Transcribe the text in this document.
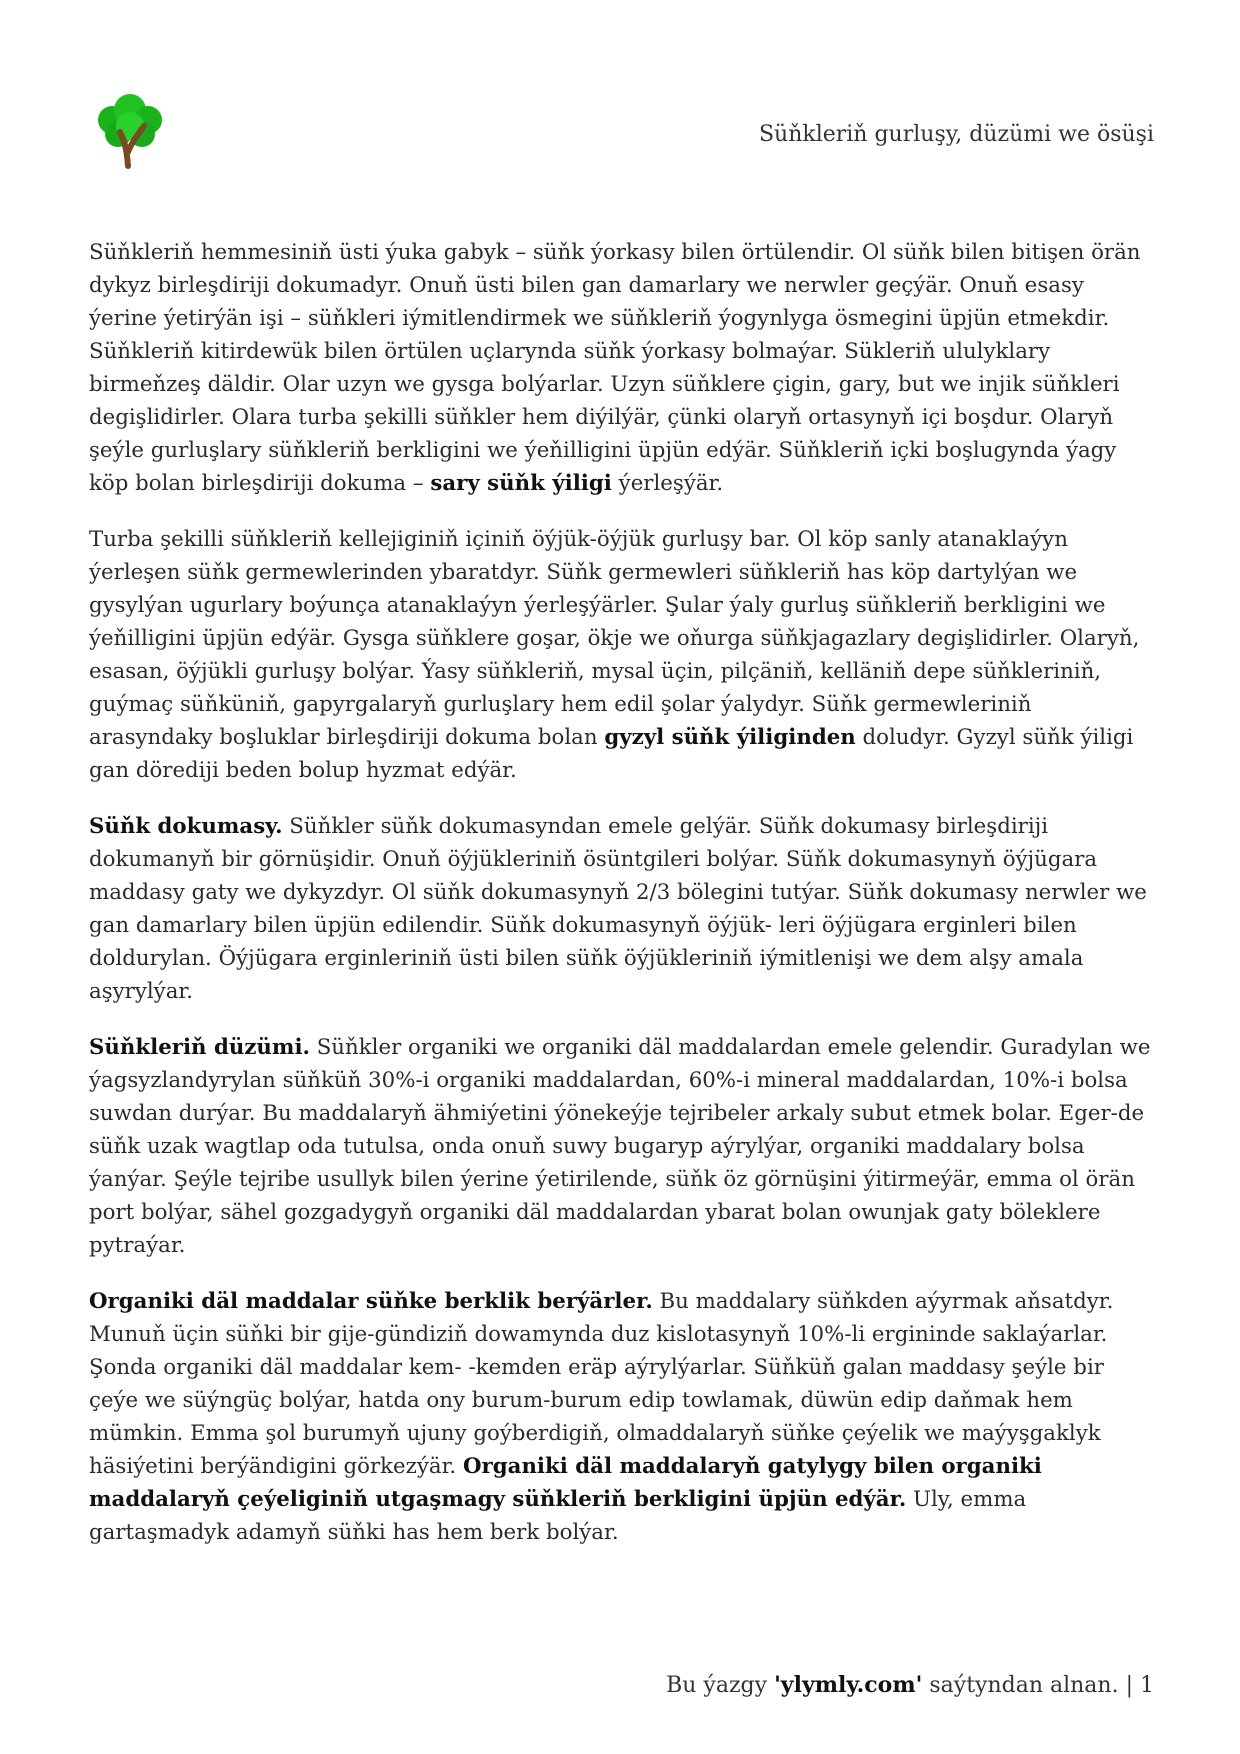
Süňkleriň gurluşy, düzümi we ösüşi

Süňkleriň hemmesiniň üsti ýuka gabyk – süňk ýorkasy bilen örtülendir. Ol süňk bilen bitişen örän dykyz birleşdiriji dokumadyr. Onuň üsti bilen gan damarlary we nerwler geçýär. Onuň esasy ýerine ýetirýän işi – süňkleri iýmitlendirmek we süňkleriň ýogynlyga ösmegini üpjün etmekdir. Süňkleriň kitirdewük bilen örtülen uçlarynda süňk ýorkasy bolmaýar. Sükleriň ululyklary birmeňzeş däldir. Olar uzyn we gysga bolýarlar. Uzyn süňklere çigin, gary, but we injik süňkleri degişlidirler. Olara turba şekilli süňkler hem diýilýär, çünki olaryň ortasynyň içi boşdur. Olaryň şeýle gurluşlary süňkleriň berkligini we ýeňilligini üpjün edýär. Süňkleriň içki boşlugynda ýagy köp bolan birleşdiriji dokuma – sary süňk ýiligi ýerleşýär.

Turba şekilli süňkleriň kellejiginiň içiniň öýjük-öýjük gurluşy bar. Ol köp sanly atanaklaýyn ýerleşen süňk germewlerinden ybaratdyr. Süňk germewleri süňkleriň has köp dartylýan we gysylýan ugurlary boýunça atanaklaýyn ýerleşýärler. Şular ýaly gurluş süňkleriň berkligini we ýeňilligini üpjün edýär. Gysga süňklere goşar, ökje we oňurga süňkjagazlary degişlidirler. Olaryň, esasan, öýjükli gurluşy bolýar. Ýasy süňkleriň, mysal üçin, pilçäniň, kelläniň depe süňkleriniň, guýmaç süňküniň, gapyrgalaryň gurluşlary hem edil şolar ýalydyr. Süňk germewleriniň arasyndaky boşluklar birleşdiriji dokuma bolan gyzyl süňk ýiliginden doludyr. Gyzyl süňk ýiligi gan döredijі beden bolup hyzmat edýär.

Süňk dokumasy. Süňkler süňk dokumasyndan emele gelýär. Süňk dokumasy birleşdiriji dokumanyň bir görnüşidir. Onuň öýjükleriniň ösüntgileri bolýar. Süňk dokumasynyň öýjügara maddasy gaty we dykyzdyr. Ol süňk dokumasynyň 2/3 bölegini tutýar. Süňk dokumasy nerwler we gan damarlary bilen üpjün edilendir. Süňk dokumasynyň öýjük- leri öýjügara erginleri bilen doldurylan. Öýjügara erginleriniň üsti bilen süňk öýjükleriniň iýmitlenişi we dem alşy amala aşyrylýar.

Süňkleriň düzümi. Süňkler organiki we organiki däl maddalardan emele gelendir. Guradylan we ýagsyzlandyrylan süňküň 30%-i organiki maddalardan, 60%-i mineral maddalardan, 10%-i bolsa suwdan durýar. Bu maddalaryň ähmiýetini ýönekeýje tejribeler arkaly subut etmek bolar. Eger-de süňk uzak wagtlap oda tutulsa, onda onuň suwy bugaryp aýrylýar, organiki maddalary bolsa ýanýar. Şeýle tejribe usullyk bilen ýerine ýetirilende, süňk öz görnüşini ýitirmeýär, emma ol örän port bolýar, sähel gozgadygyň organiki däl maddalardan ybarat bolan owunjak gaty böleklere pytraýar.

Organiki däl maddalar süňke berklik berýärler. Bu maddalary süňkden aýyrmak aňsatdyr. Munuň üçin süňki bir gije-gündiziň dowamynda duz kislotasynyň 10%-li ergininde saklaýarlar. Şonda organiki däl maddalar kem- -kemden eräp aýrylýarlar. Süňküň galan maddasy şeýle bir çeýe we süýngüç bolýar, hatda ony burum-burum edip towlamak, düwün edip daňmak hem mümkin. Emma şol burumyň ujuny goýberdigiň, olmaddalaryň süňke çeýelik we maýyşgaklyk häsiýetini berýändigini görkezýär. Organiki däl maddalaryň gatylygy bilen organiki maddalaryň çeýeliginiň utgaşmagy süňkleriň berkligini üpjün edýär. Uly, emma gartaşmadyk adamyň süňki has hem berk bolýar.

Bu ýazgy 'ylymly.com' saýtyndan alnan. | 1
